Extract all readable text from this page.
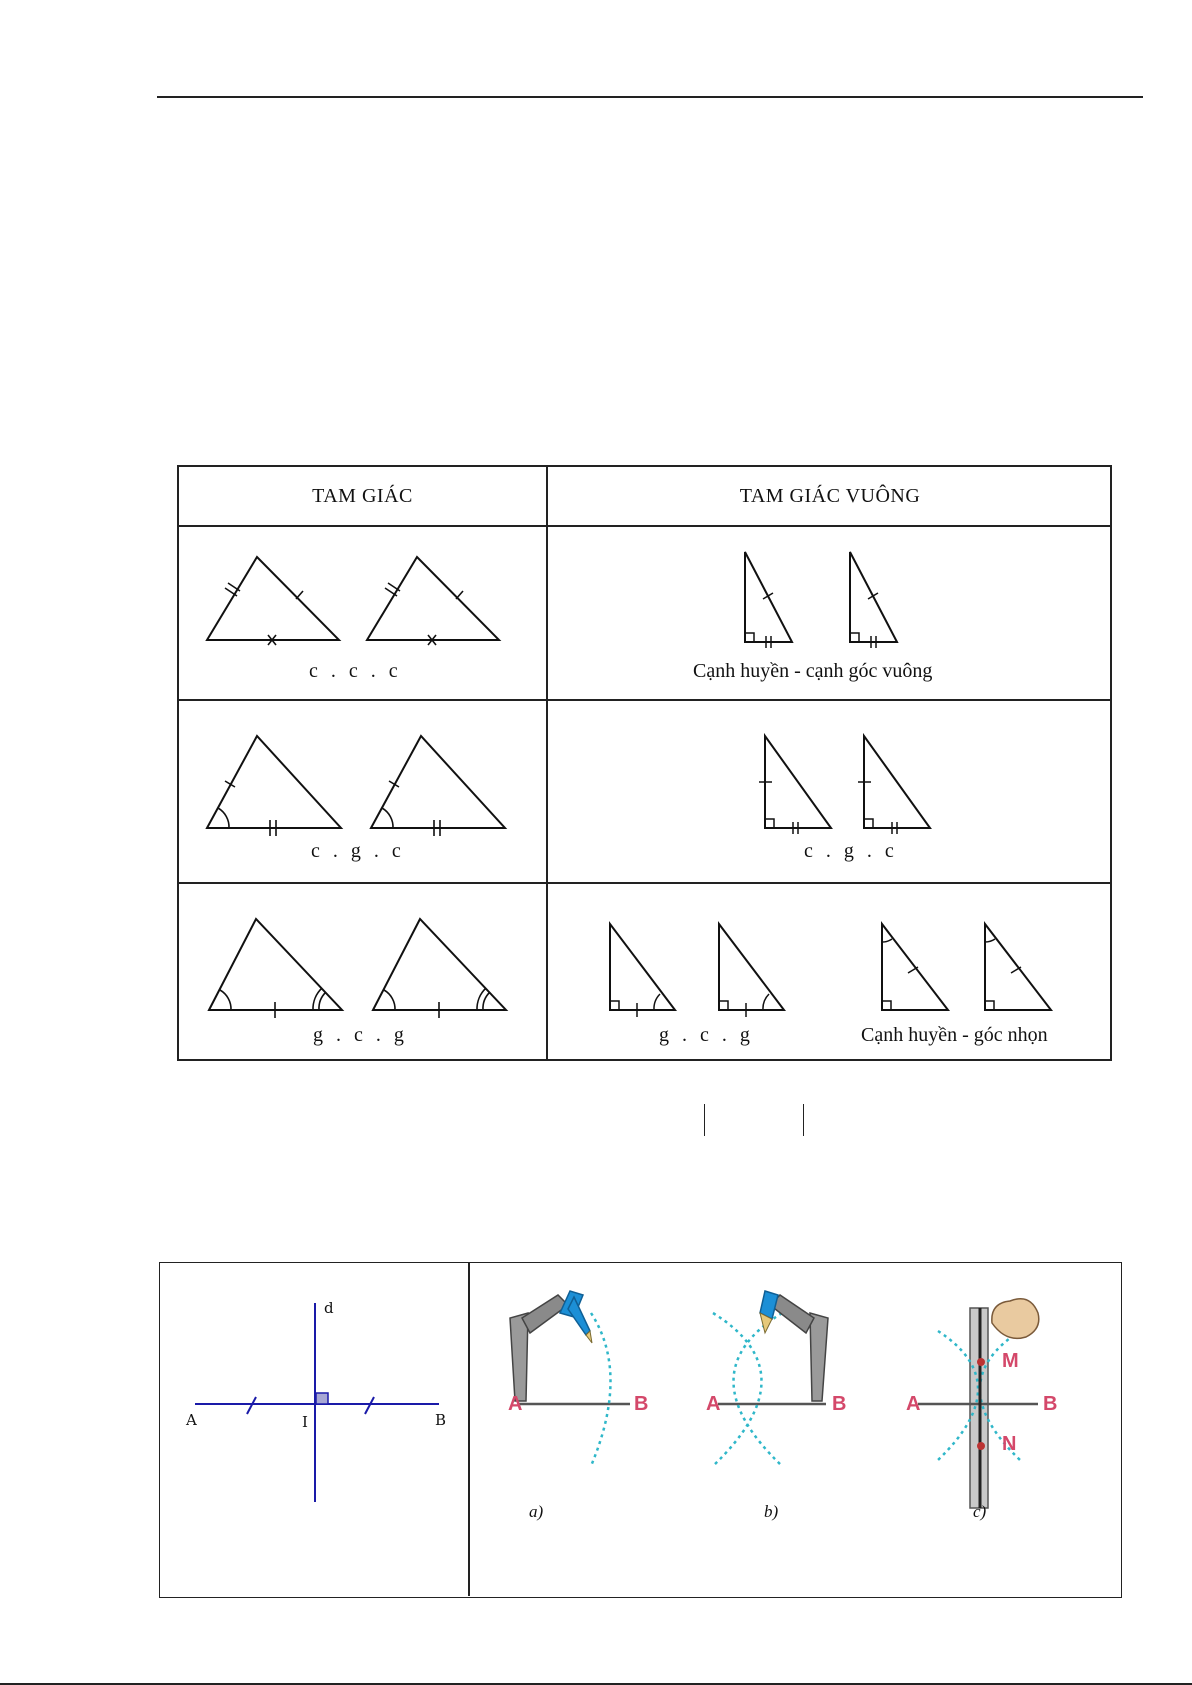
TAM GIÁC	TAM GIÁC VUÔNG
c . c . c	Cạnh huyền - cạnh góc vuông
c . g . c	c . g . c
g . c . g	g . c . g	Cạnh huyền - góc nhọn
A	I	B
d
A	B	A	B	A	B
M
N
a)	b)	c)
